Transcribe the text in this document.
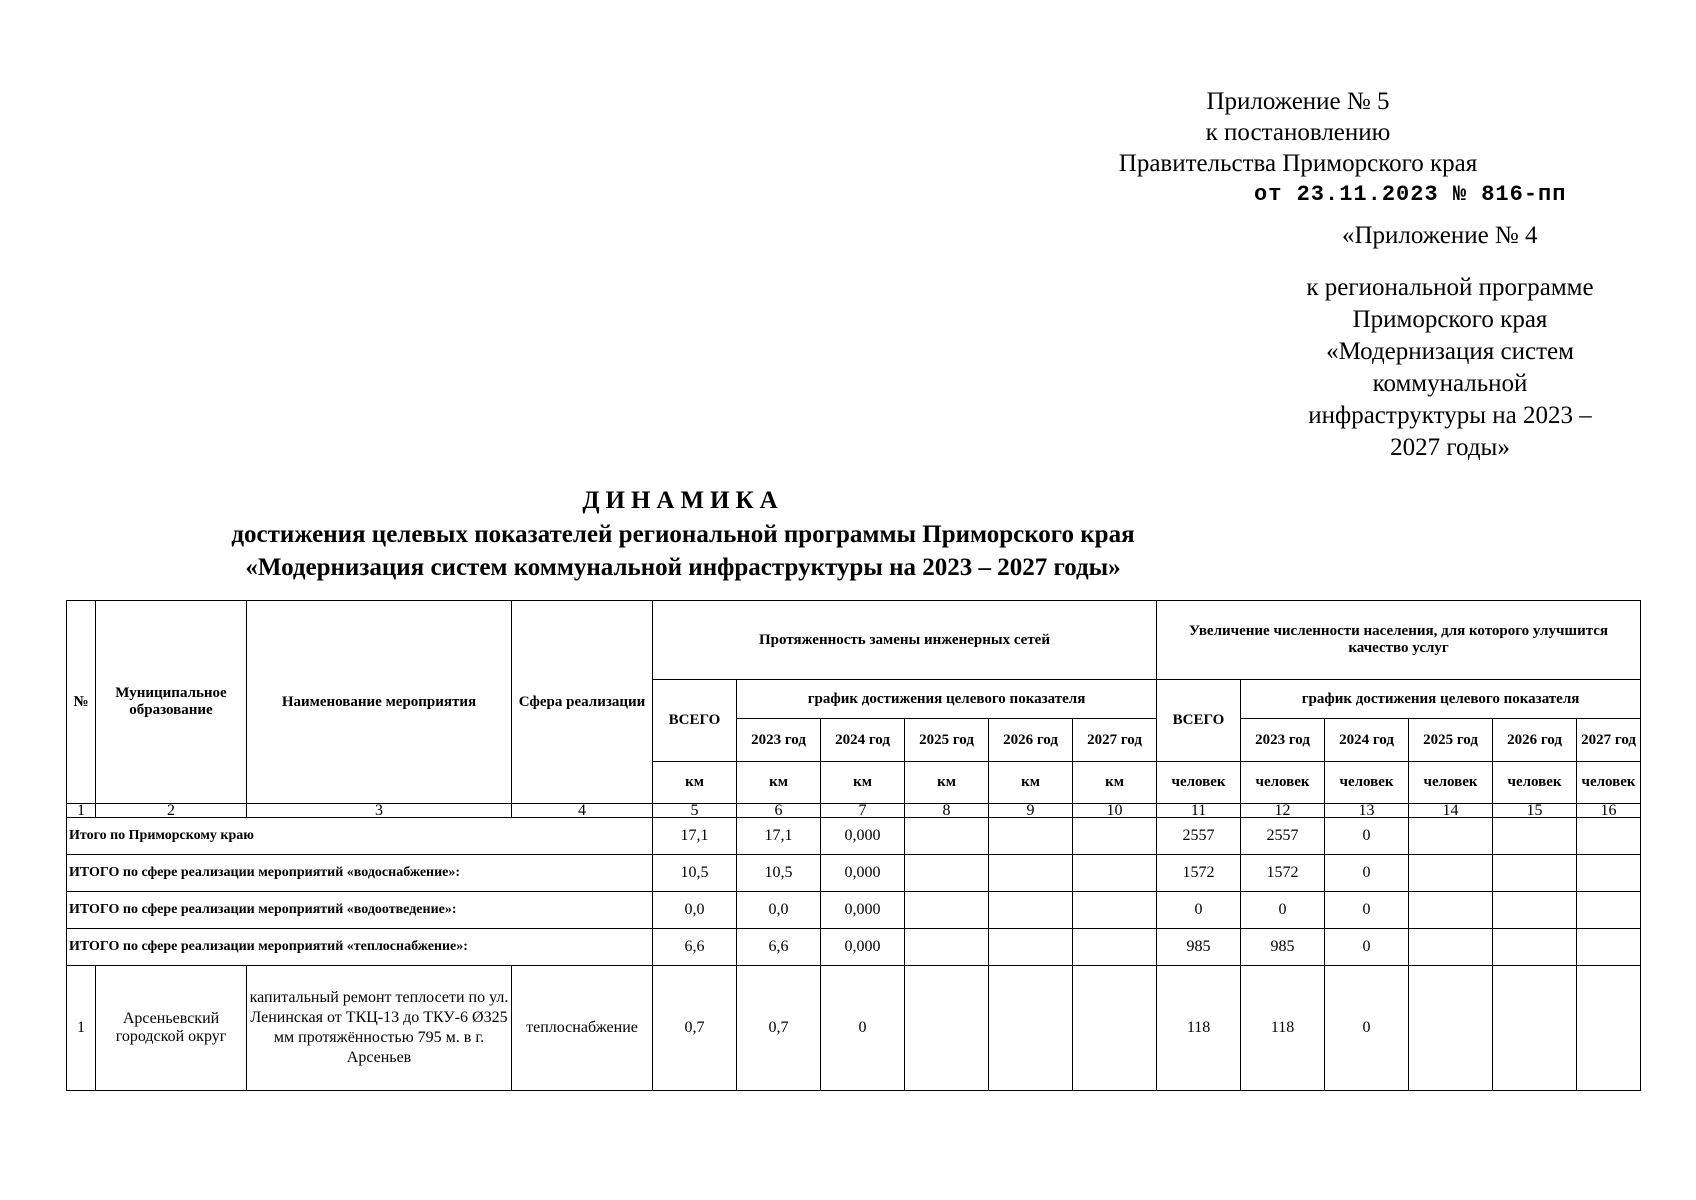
Приложение № 5
к постановлению
Правительства Приморского края
от 23.11.2023 № 816-пп
«Приложение № 4
к региональной программе
Приморского края
«Модернизация систем
коммунальной
инфраструктуры на 2023 –
2027 годы»
ДИНАМИКА
достижения целевых показателей региональной программы Приморского края
«Модернизация систем коммунальной инфраструктуры на 2023 – 2027 годы»
№	Муниципальное образование	Наименование мероприятия	Сфера реализации	Протяженность замены инженерных сетей						Увеличение численности населения, для которого улучшится качество услуг					
				ВСЕГО	график достижения целевого показателя					ВСЕГО	график достижения целевого показателя				
					2023 год	2024 год	2025 год	2026 год	2027 год		2023 год	2024 год	2025 год	2026 год	2027 год
				км	км	км	км	км	км	человек	человек	человек	человек	человек	человек
1	2	3	4	5	6	7	8	9	10	11	12	13	14	15	16
Итого по Приморскому краю				17,1	17,1	0,000				2557	2557	0			
ИТОГО по сфере реализации мероприятий «водоснабжение»:				10,5	10,5	0,000				1572	1572	0			
ИТОГО по сфере реализации мероприятий «водоотведение»:				0,0	0,0	0,000				0	0	0			
ИТОГО по сфере реализации мероприятий «теплоснабжение»:				6,6	6,6	0,000				985	985	0			
1	Арсеньевский городской округ	капитальный ремонт теплосети по ул. Ленинская от ТКЦ-13 до ТКУ-6 Ø325 мм протяжённостью 795 м. в г. Арсеньев	теплоснабжение	0,7	0,7	0				118	118	0			
